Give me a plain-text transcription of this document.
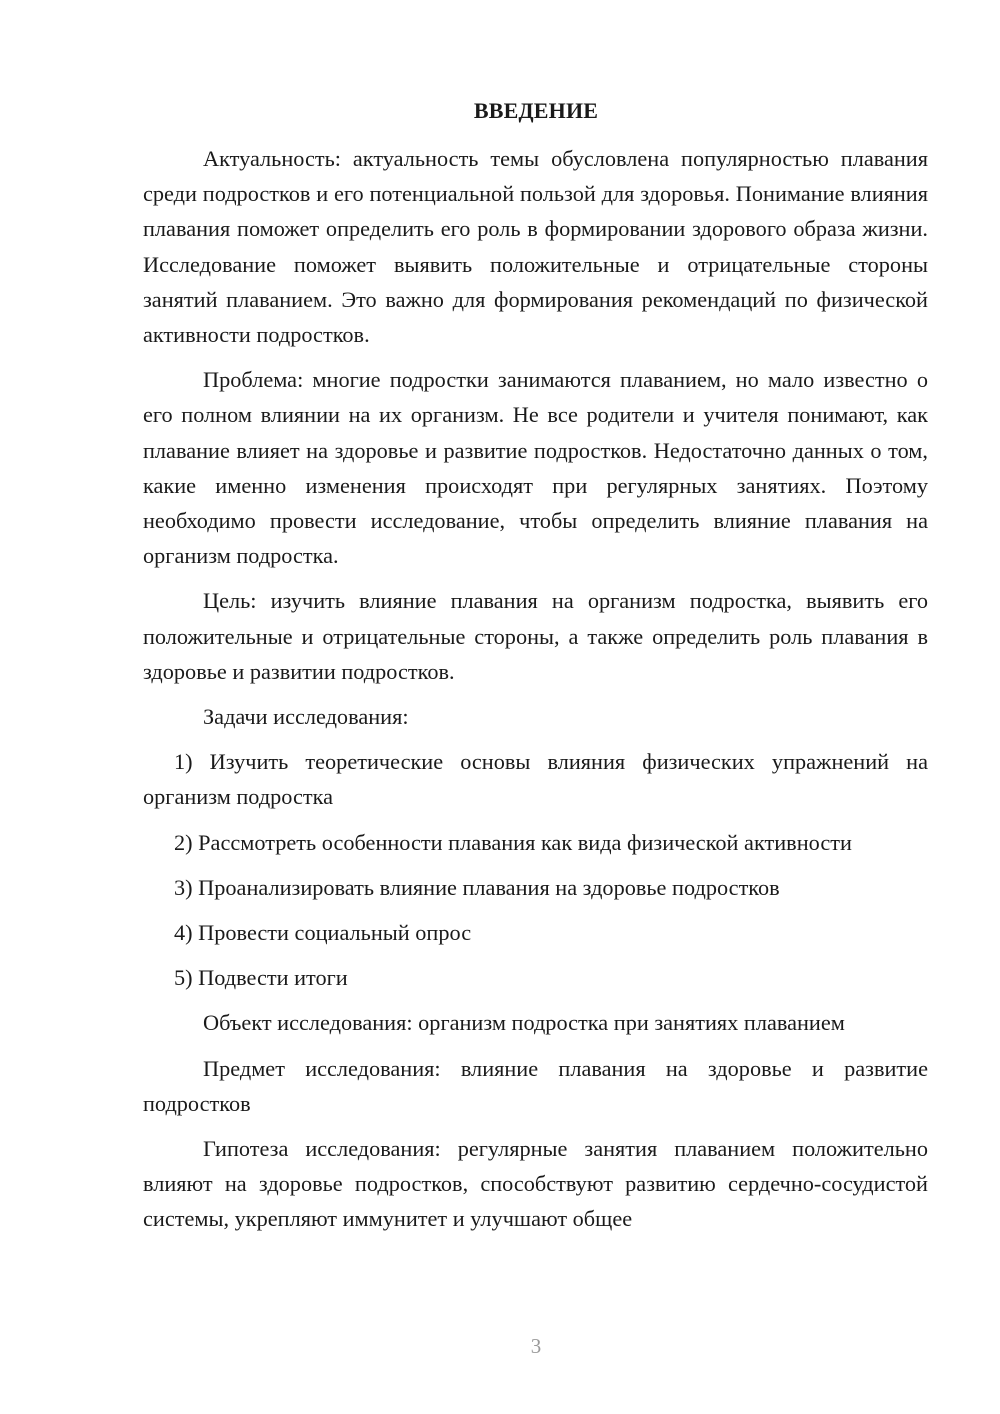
ВВЕДЕНИЕ

Актуальность: актуальность темы обусловлена популярностью плавания среди подростков и его потенциальной пользой для здоровья. Понимание влияния плавания поможет определить его роль в формировании здорового образа жизни. Исследование поможет выявить положительные и отрицательные стороны занятий плаванием. Это важно для формирования рекомендаций по физической активности подростков.

Проблема: многие подростки занимаются плаванием, но мало известно о его полном влиянии на их организм. Не все родители и учителя понимают, как плавание влияет на здоровье и развитие подростков. Недостаточно данных о том, какие именно изменения происходят при регулярных занятиях. Поэтому необходимо провести исследование, чтобы определить влияние плавания на организм подростка.

Цель: изучить влияние плавания на организм подростка, выявить его положительные и отрицательные стороны, а также определить роль плавания в здоровье и развитии подростков.

Задачи исследования:

1) Изучить теоретические основы влияния физических упражнений на организм подростка

2) Рассмотреть особенности плавания как вида физической активности

3) Проанализировать влияние плавания на здоровье подростков

4) Провести социальный опрос

5) Подвести итоги

Объект исследования: организм подростка при занятиях плаванием

Предмет исследования: влияние плавания на здоровье и развитие подростков

Гипотеза исследования: регулярные занятия плаванием положительно влияют на здоровье подростков, способствуют развитию сердечно-сосудистой системы, укрепляют иммунитет и улучшают общее

3
